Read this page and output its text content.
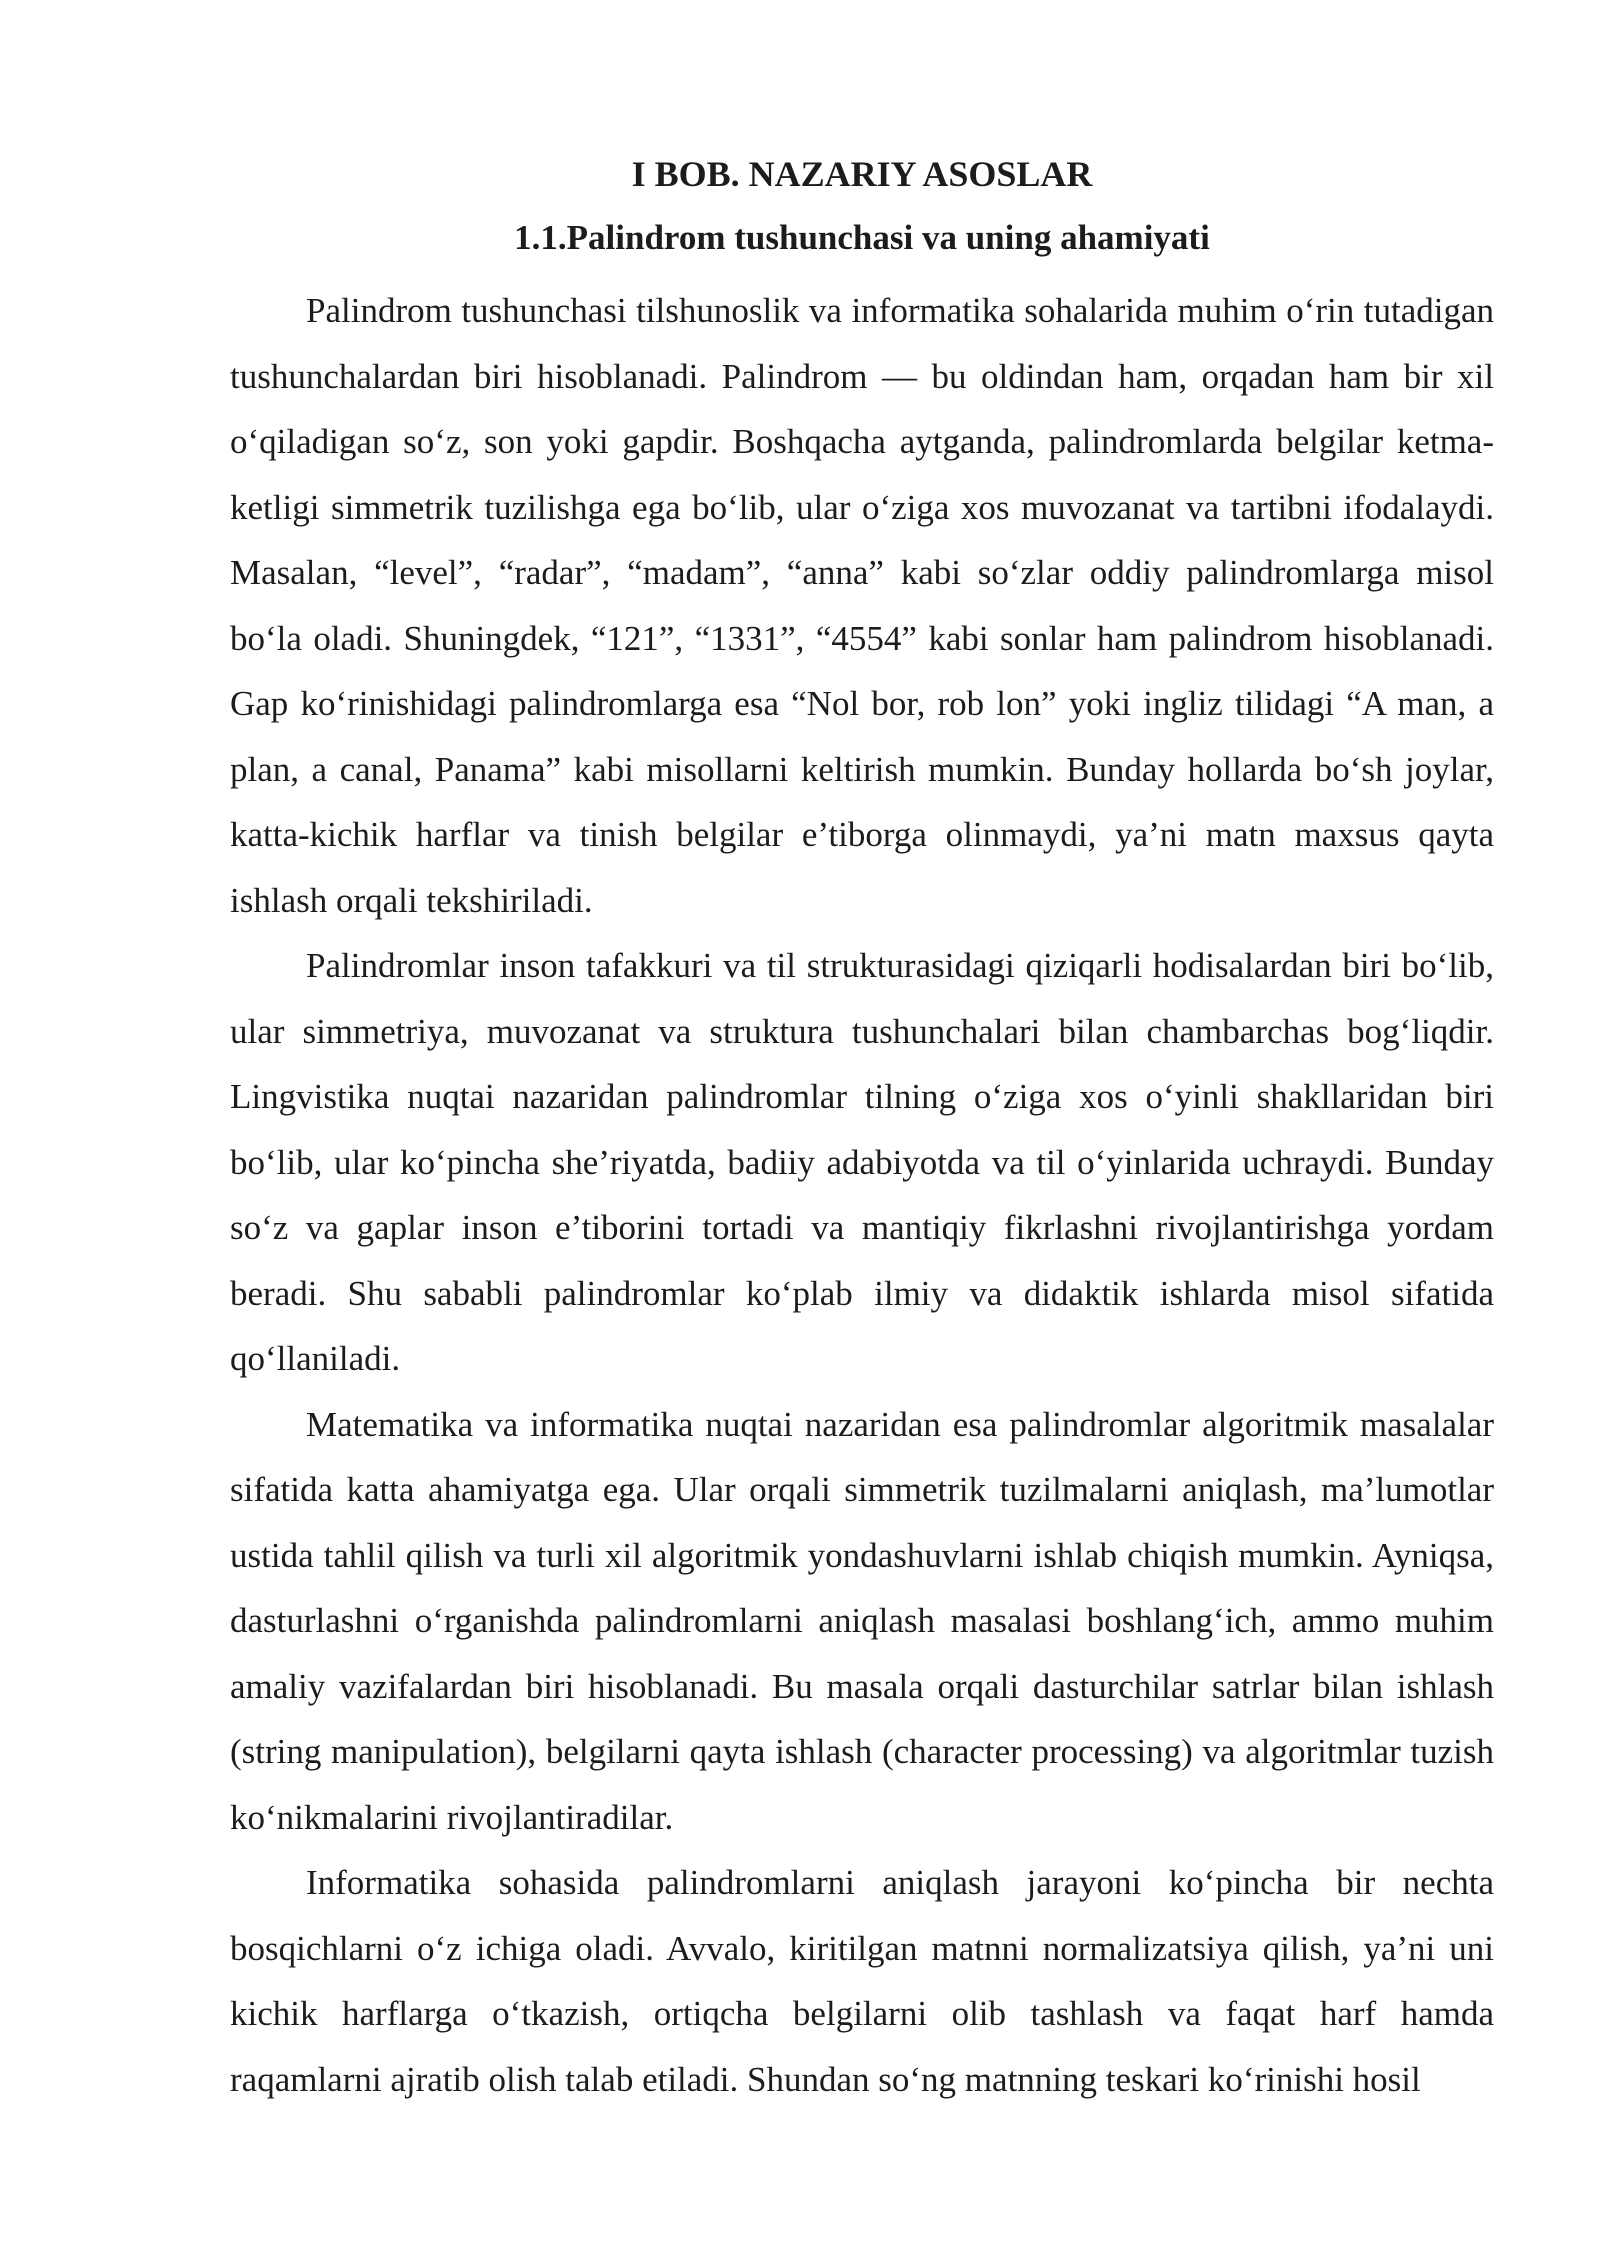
I BOB. NAZARIY ASOSLAR
1.1.Palindrom tushunchasi va uning ahamiyati

Palindrom tushunchasi tilshunoslik va informatika sohalarida muhim o‘rin tutadigan tushunchalardan biri hisoblanadi. Palindrom — bu oldindan ham, orqadan ham bir xil o‘qiladigan so‘z, son yoki gapdir. Boshqacha aytganda, palindromlarda belgilar ketma-ketligi simmetrik tuzilishga ega bo‘lib, ular o‘ziga xos muvozanat va tartibni ifodalaydi. Masalan, “level”, “radar”, “madam”, “anna” kabi so‘zlar oddiy palindromlarga misol bo‘la oladi. Shuningdek, “121”, “1331”, “4554” kabi sonlar ham palindrom hisoblanadi. Gap ko‘rinishidagi palindromlarga esa “Nol bor, rob lon” yoki ingliz tilidagi “A man, a plan, a canal, Panama” kabi misollarni keltirish mumkin. Bunday hollarda bo‘sh joylar, katta-kichik harflar va tinish belgilar e’tiborga olinmaydi, ya’ni matn maxsus qayta ishlash orqali tekshiriladi.

Palindromlar inson tafakkuri va til strukturasidagi qiziqarli hodisalardan biri bo‘lib, ular simmetriya, muvozanat va struktura tushunchalari bilan chambarchas bog‘liqdir. Lingvistika nuqtai nazaridan palindromlar tilning o‘ziga xos o‘yinli shakllaridan biri bo‘lib, ular ko‘pincha she’riyatda, badiiy adabiyotda va til o‘yinlarida uchraydi. Bunday so‘z va gaplar inson e’tiborini tortadi va mantiqiy fikrlashni rivojlantirishga yordam beradi. Shu sababli palindromlar ko‘plab ilmiy va didaktik ishlarda misol sifatida qo‘llaniladi.

Matematika va informatika nuqtai nazaridan esa palindromlar algoritmik masalalar sifatida katta ahamiyatga ega. Ular orqali simmetrik tuzilmalarni aniqlash, ma’lumotlar ustida tahlil qilish va turli xil algoritmik yondashuvlarni ishlab chiqish mumkin. Ayniqsa, dasturlashni o‘rganishda palindromlarni aniqlash masalasi boshlang‘ich, ammo muhim amaliy vazifalardan biri hisoblanadi. Bu masala orqali dasturchilar satrlar bilan ishlash (string manipulation), belgilarni qayta ishlash (character processing) va algoritmlar tuzish ko‘nikmalarini rivojlantiradilar.

Informatika sohasida palindromlarni aniqlash jarayoni ko‘pincha bir nechta bosqichlarni o‘z ichiga oladi. Avvalo, kiritilgan matnni normalizatsiya qilish, ya’ni uni kichik harflarga o‘tkazish, ortiqcha belgilarni olib tashlash va faqat harf hamda raqamlarni ajratib olish talab etiladi. Shundan so‘ng matnning teskari ko‘rinishi hosil
